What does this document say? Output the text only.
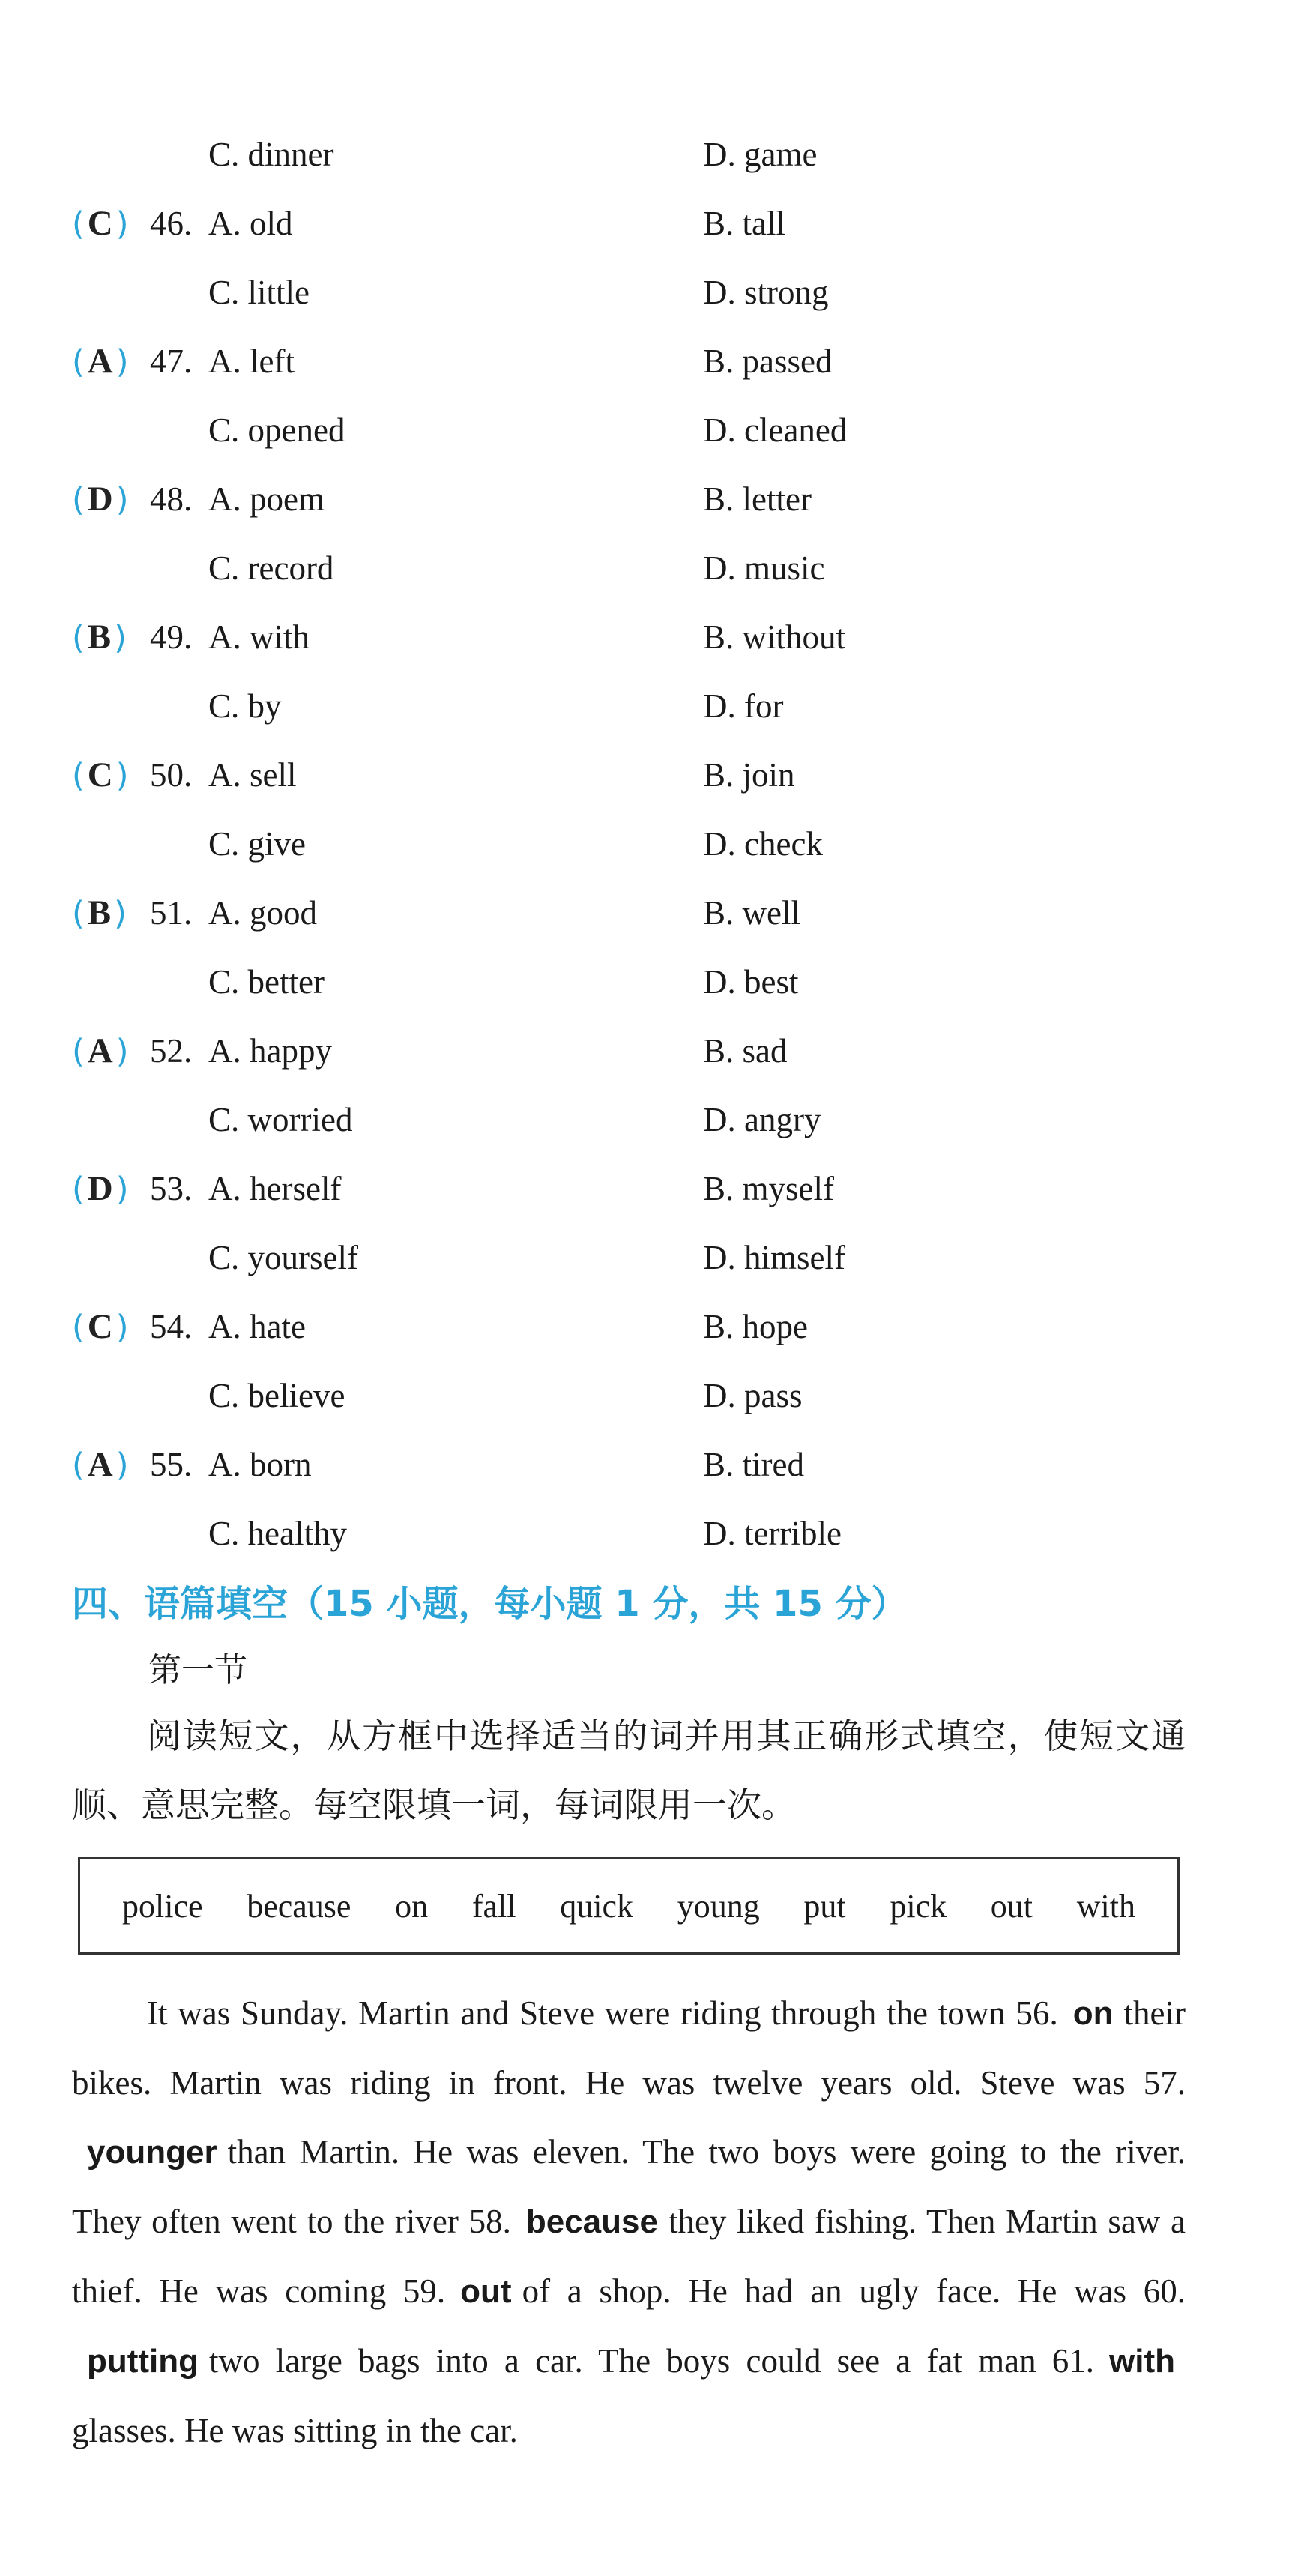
C. dinner	D. game
(C) 46. A. old	B. tall
C. little	D. strong
(A) 47. A. left	B. passed
C. opened	D. cleaned
(D) 48. A. poem	B. letter
C. record	D. music
(B) 49. A. with	B. without
C. by	D. for
(C) 50. A. sell	B. join
C. give	D. check
(B) 51. A. good	B. well
C. better	D. best
(A) 52. A. happy	B. sad
C. worried	D. angry
(D) 53. A. herself	B. myself
C. yourself	D. himself
(C) 54. A. hate	B. hope
C. believe	D. pass
(A) 55. A. born	B. tired
C. healthy	D. terrible
四、语篇填空（15 小题，每小题 1 分，共 15 分）
第一节
阅读短文，从方框中选择适当的词并用其正确形式填空，使短文通顺、意思完整。每空限填一词，每词限用一次。
police because on fall quick young put pick out with

It was Sunday. Martin and Steve were riding through the town 56. on their bikes. Martin was riding in front. He was twelve years old. Steve was 57.younger than Martin. He was eleven. The two boys were going to the river. They often went to the river 58. because they liked fishing. Then Martin saw a thief. He was coming 59. out of a shop. He had an ugly face. He was 60.putting two large bags into a car. The boys could see a fat man 61. withglasses. He was sitting in the car.
